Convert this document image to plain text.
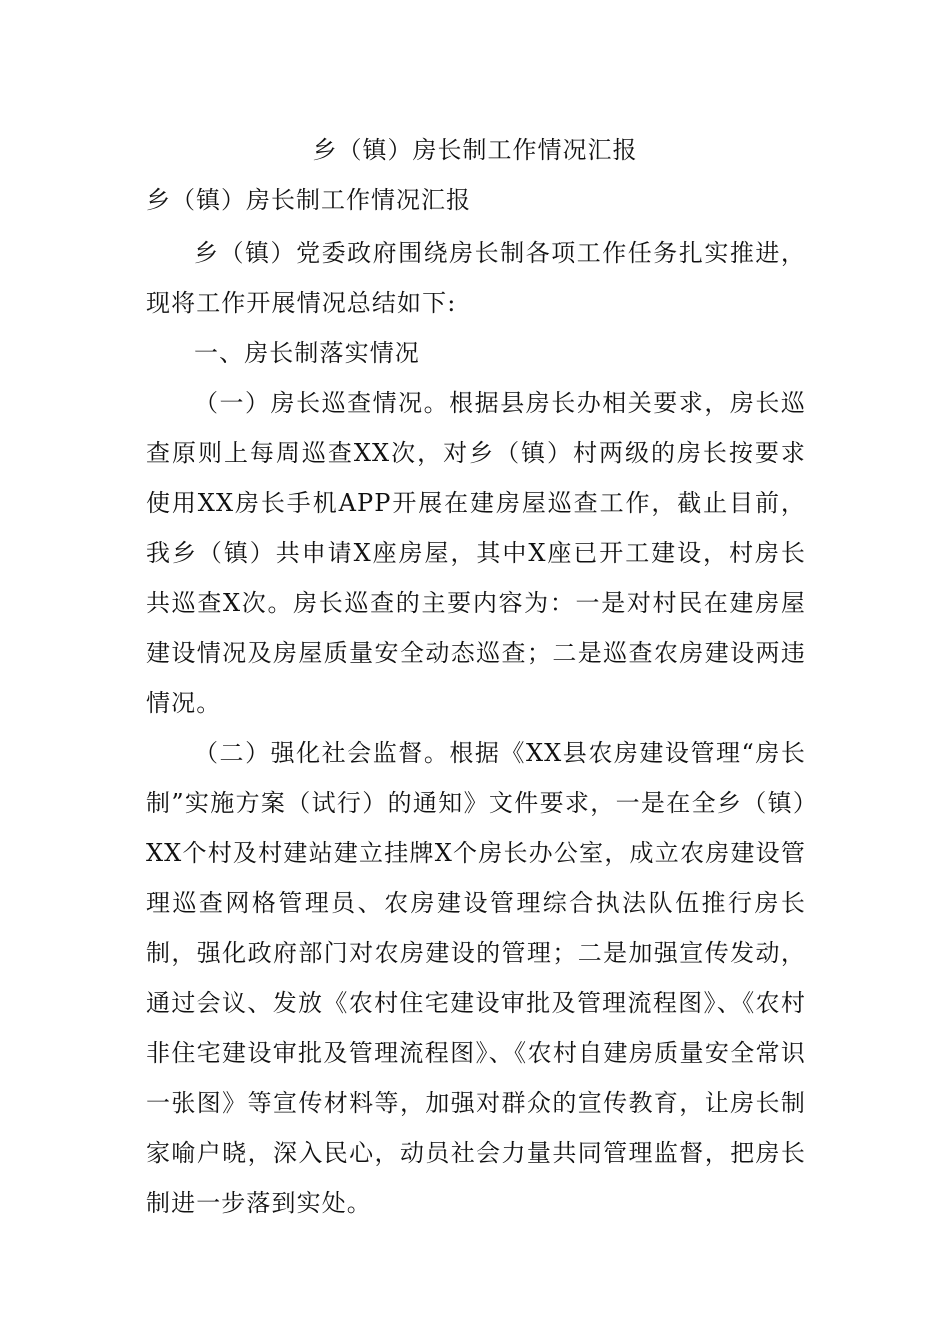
乡（镇）房长制工作情况汇报
乡（镇）房长制工作情况汇报

乡（镇）党委政府围绕房长制各项工作任务扎实推进，现将工作开展情况总结如下:

一、房长制落实情况

（一）房长巡查情况。根据县房长办相关要求，房长巡查原则上每周巡查XX次，对乡（镇）村两级的房长按要求使用XX房长手机APP开展在建房屋巡查工作，截止目前，我乡（镇）共申请X座房屋，其中X座已开工建设，村房长共巡查X次。房长巡查的主要内容为：一是对村民在建房屋建设情况及房屋质量安全动态巡查；二是巡查农房建设两违情况。

（二）强化社会监督。根据《XX县农房建设管理“房长制”实施方案（试行）的通知》文件要求，一是在全乡（镇）XX个村及村建站建立挂牌X个房长办公室，成立农房建设管理巡查网格管理员、农房建设管理综合执法队伍推行房长制，强化政府部门对农房建设的管理；二是加强宣传发动，通过会议、发放《农村住宅建设审批及管理流程图》、《农村非住宅建设审批及管理流程图》、《农村自建房质量安全常识一张图》等宣传材料等，加强对群众的宣传教育，让房长制家喻户晓，深入民心，动员社会力量共同管理监督，把房长制进一步落到实处。
